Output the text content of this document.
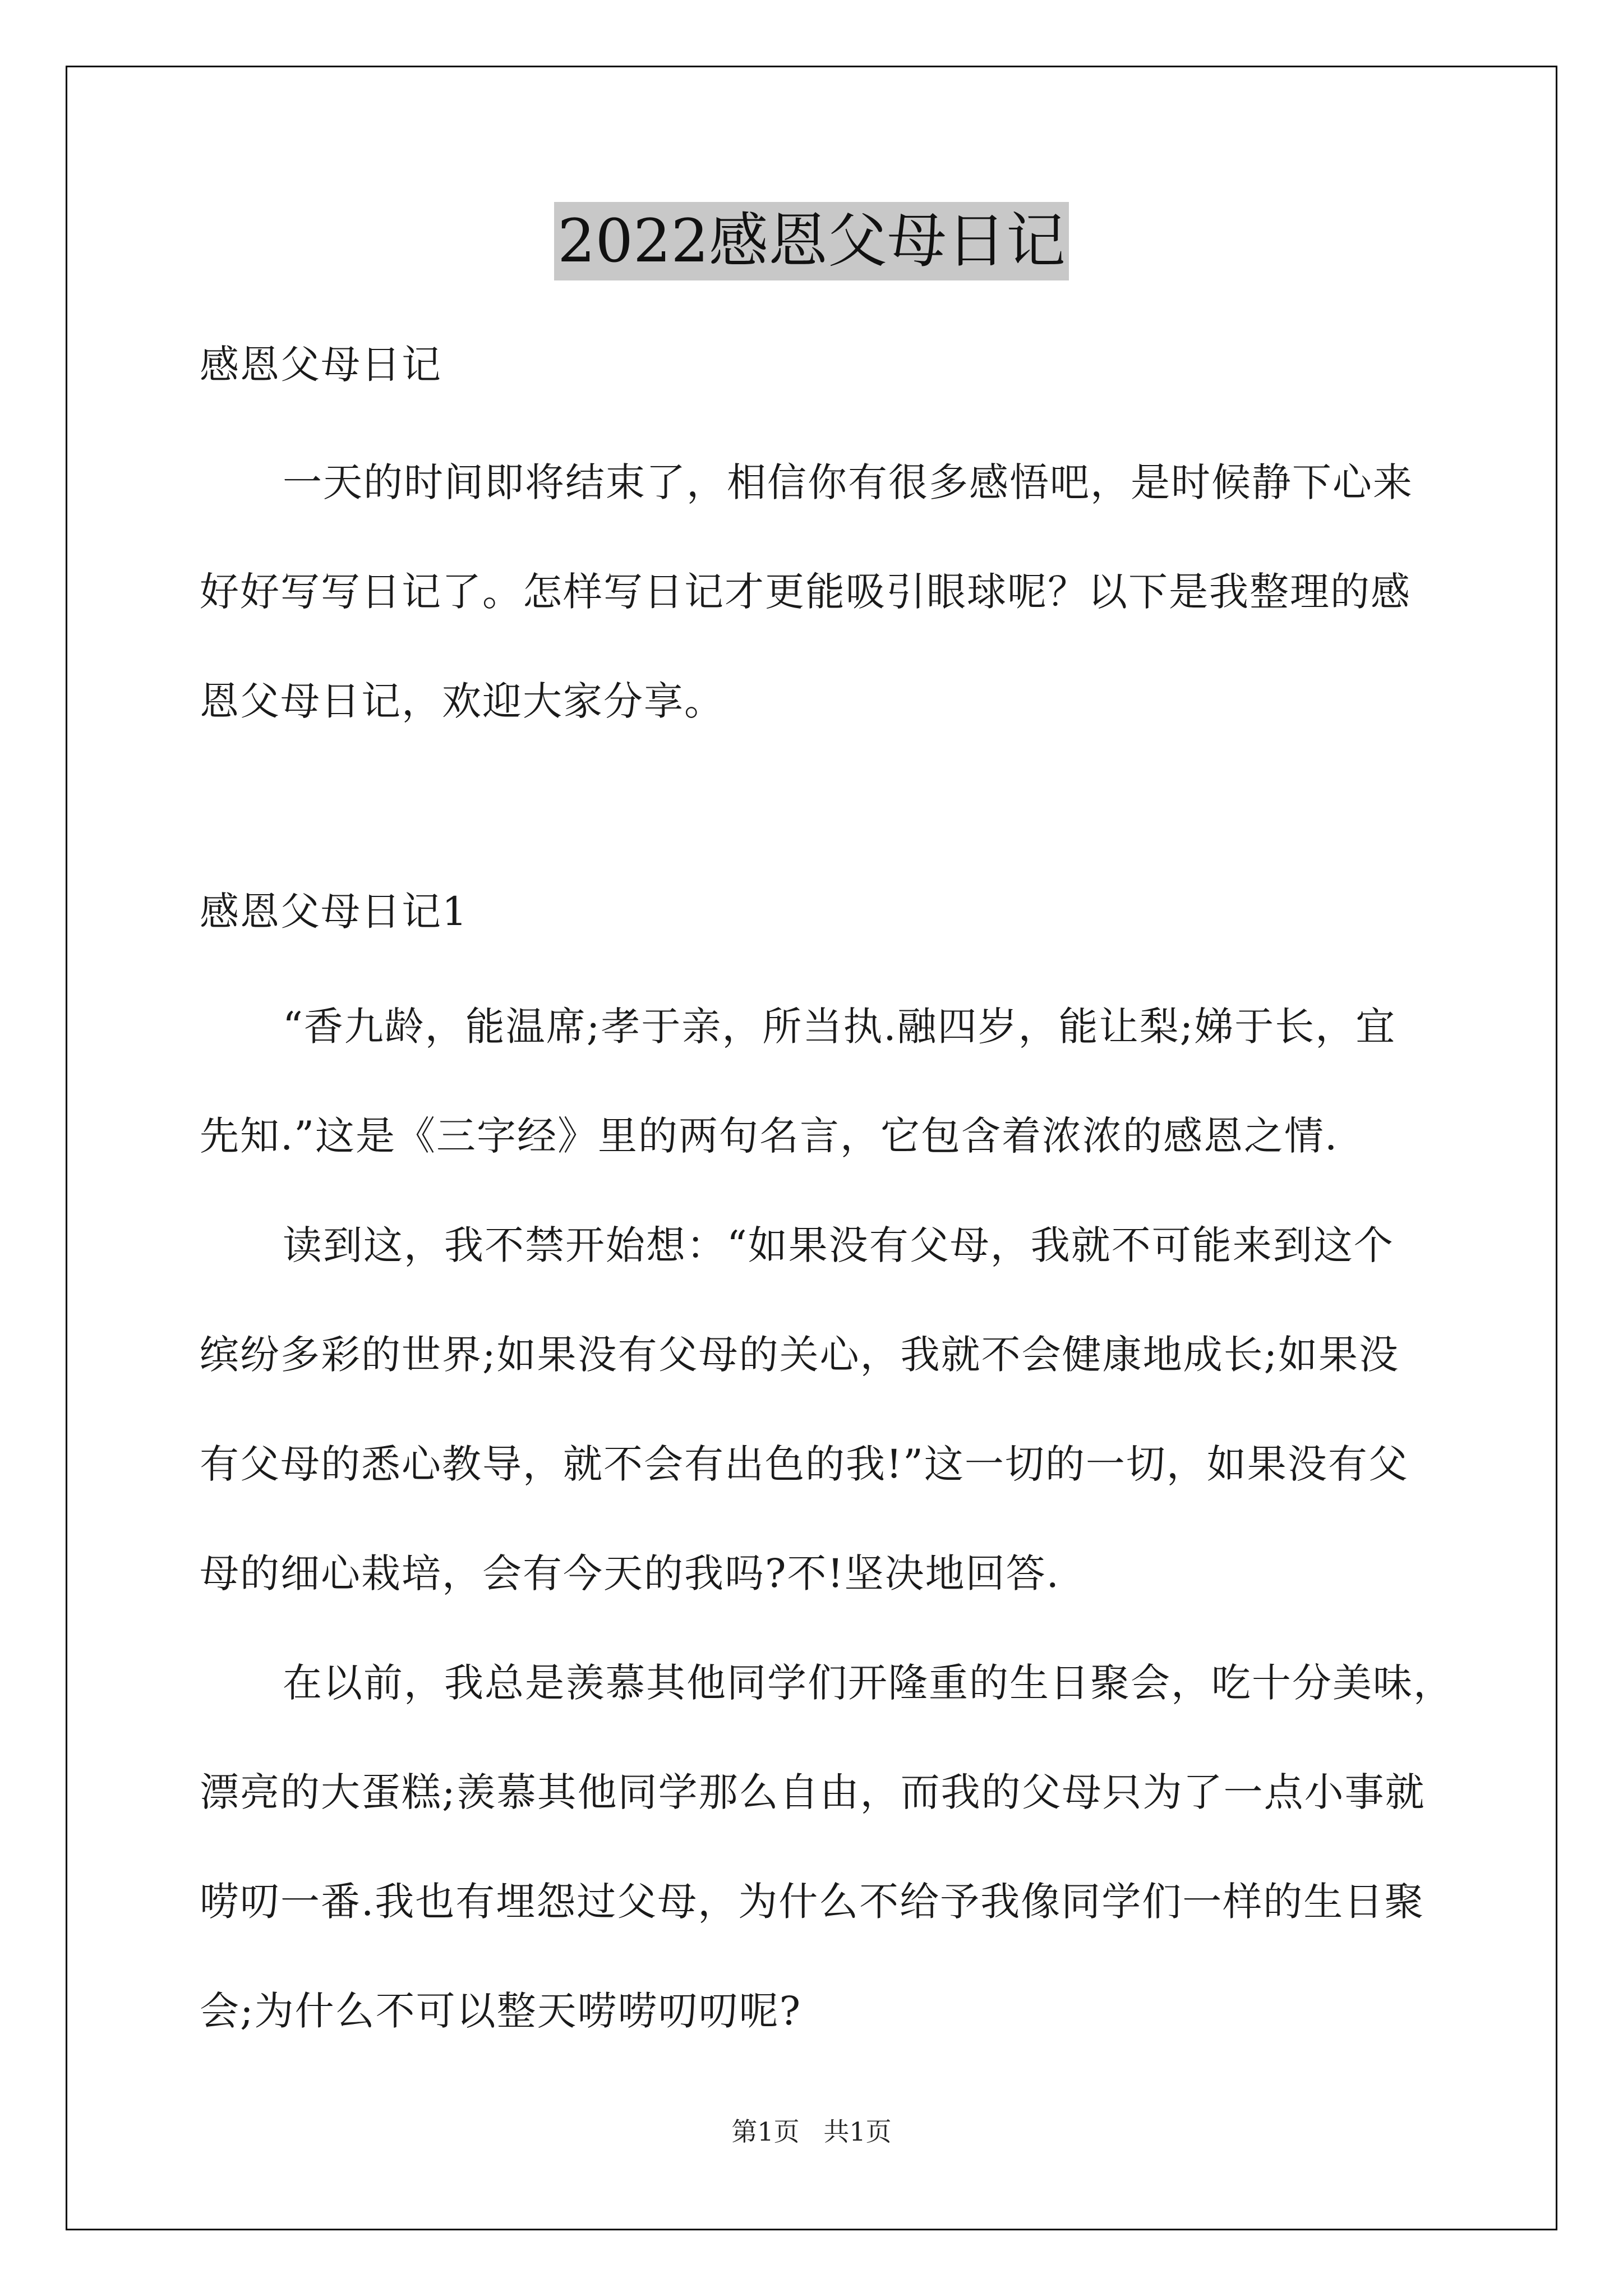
2022感恩父母日记
感恩父母日记
一天的时间即将结束了，相信你有很多感悟吧，是时候静下心来
好好写写日记了。怎样写日记才更能吸引眼球呢？以下是我整理的感
恩父母日记，欢迎大家分享。
感恩父母日记1
“香九龄，能温席;孝于亲，所当执.融四岁，能让梨;娣于长，宜
先知.”这是《三字经》里的两句名言，它包含着浓浓的感恩之情.
读到这，我不禁开始想：“如果没有父母，我就不可能来到这个
缤纷多彩的世界;如果没有父母的关心，我就不会健康地成长;如果没
有父母的悉心教导，就不会有出色的我!”这一切的一切，如果没有父
母的细心栽培，会有今天的我吗?不!坚决地回答.
在以前，我总是羡慕其他同学们开隆重的生日聚会，吃十分美味，
漂亮的大蛋糕;羡慕其他同学那么自由，而我的父母只为了一点小事就
唠叨一番.我也有埋怨过父母，为什么不给予我像同学们一样的生日聚
会;为什么不可以整天唠唠叨叨呢?
第1页 共1页
